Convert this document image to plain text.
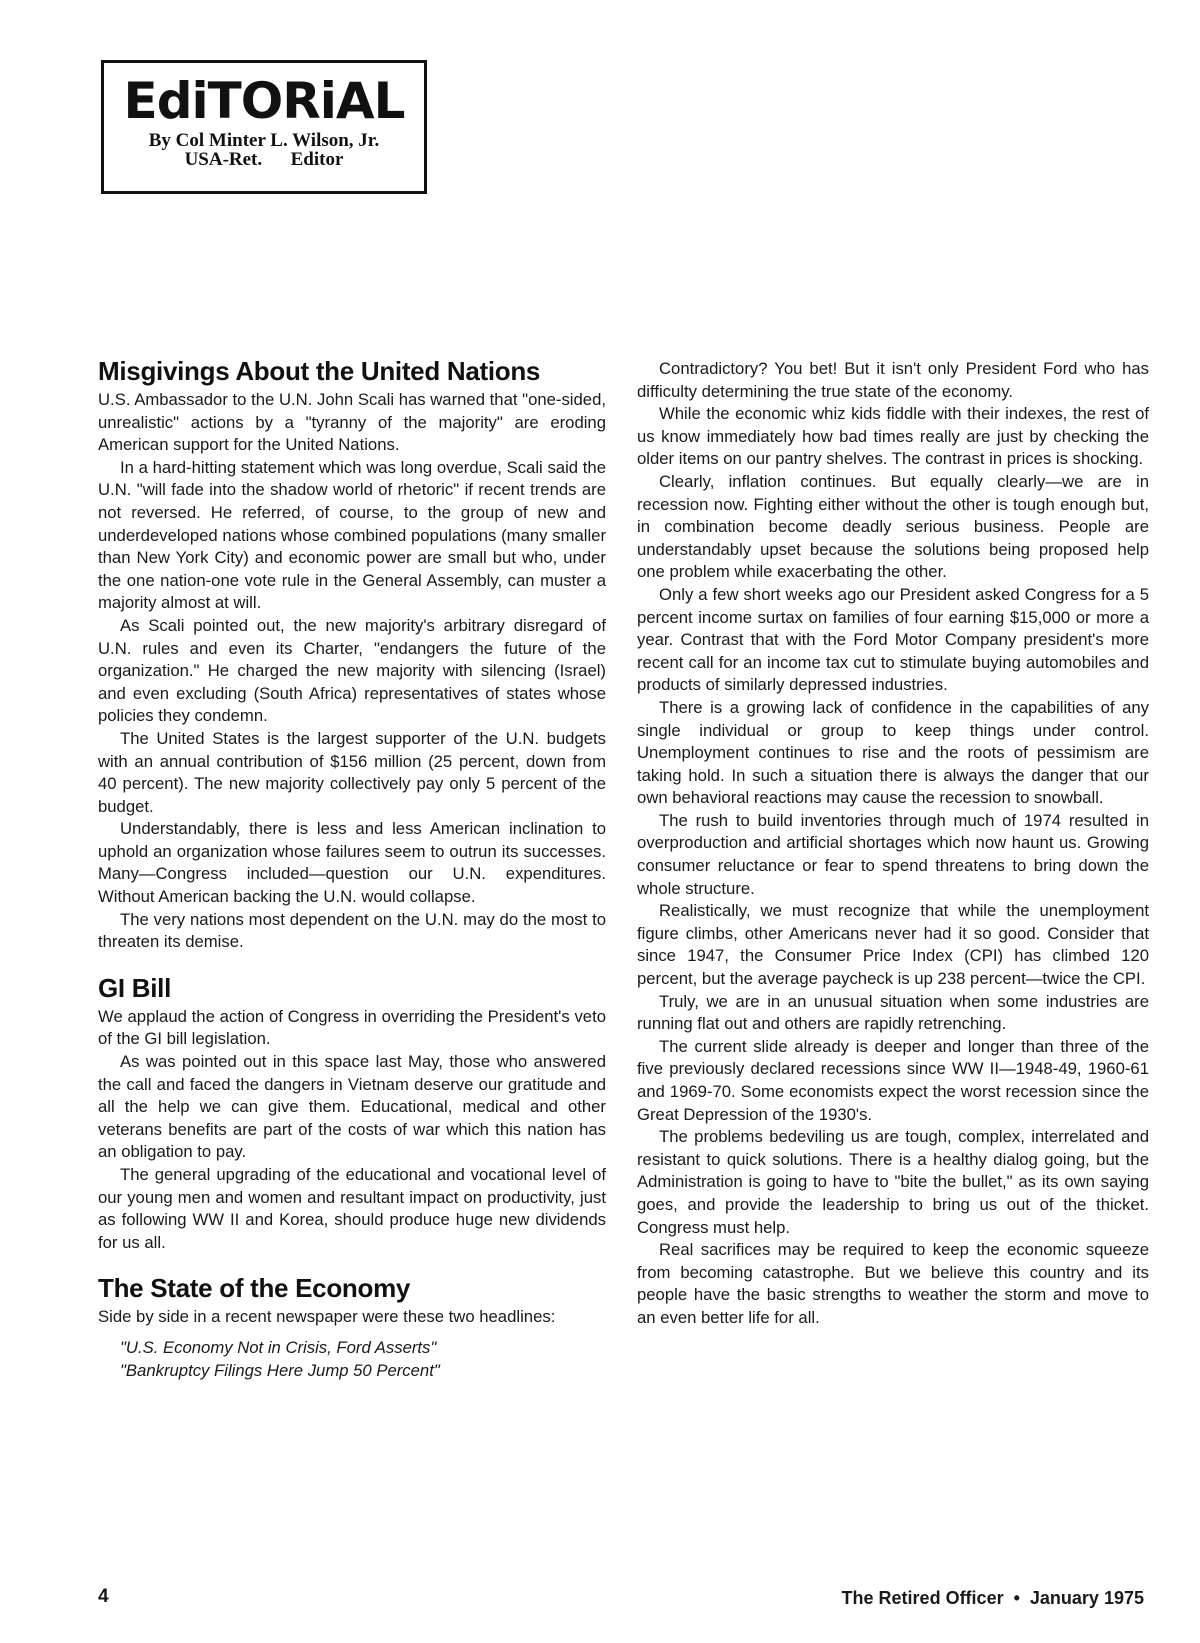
EdiTORiAL
By Col Minter L. Wilson, Jr.
USA-Ret.      Editor
Misgivings About the United Nations

U.S. Ambassador to the U.N. John Scali has warned that "one-sided, unrealistic" actions by a "tyranny of the majority" are eroding American support for the United Nations.

In a hard-hitting statement which was long overdue, Scali said the U.N. "will fade into the shadow world of rhetoric" if recent trends are not reversed. He referred, of course, to the group of new and underdeveloped nations whose combined populations (many smaller than New York City) and economic power are small but who, under the one nation-one vote rule in the General Assembly, can muster a majority almost at will.

As Scali pointed out, the new majority's arbitrary disregard of U.N. rules and even its Charter, "endangers the future of the organization." He charged the new majority with silencing (Israel) and even excluding (South Africa) representatives of states whose policies they condemn.

The United States is the largest supporter of the U.N. budgets with an annual contribution of $156 million (25 percent, down from 40 percent). The new majority collectively pay only 5 percent of the budget.

Understandably, there is less and less American inclination to uphold an organization whose failures seem to outrun its successes. Many—Congress included—question our U.N. expenditures. Without American backing the U.N. would collapse.

The very nations most dependent on the U.N. may do the most to threaten its demise.

GI Bill

We applaud the action of Congress in overriding the President's veto of the GI bill legislation.

As was pointed out in this space last May, those who answered the call and faced the dangers in Vietnam deserve our gratitude and all the help we can give them. Educational, medical and other veterans benefits are part of the costs of war which this nation has an obligation to pay.

The general upgrading of the educational and vocational level of our young men and women and resultant impact on productivity, just as following WW II and Korea, should produce huge new dividends for us all.

The State of the Economy

Side by side in a recent newspaper were these two headlines:

"U.S. Economy Not in Crisis, Ford Asserts"

"Bankruptcy Filings Here Jump 50 Percent"

Contradictory? You bet! But it isn't only President Ford who has difficulty determining the true state of the economy.

While the economic whiz kids fiddle with their indexes, the rest of us know immediately how bad times really are just by checking the older items on our pantry shelves. The contrast in prices is shocking.

Clearly, inflation continues. But equally clearly—we are in recession now. Fighting either without the other is tough enough but, in combination become deadly serious business. People are understandably upset because the solutions being proposed help one problem while exacerbating the other.

Only a few short weeks ago our President asked Congress for a 5 percent income surtax on families of four earning $15,000 or more a year. Contrast that with the Ford Motor Company president's more recent call for an income tax cut to stimulate buying automobiles and products of similarly depressed industries.

There is a growing lack of confidence in the capabilities of any single individual or group to keep things under control. Unemployment continues to rise and the roots of pessimism are taking hold. In such a situation there is always the danger that our own behavioral reactions may cause the recession to snowball.

The rush to build inventories through much of 1974 resulted in overproduction and artificial shortages which now haunt us. Growing consumer reluctance or fear to spend threatens to bring down the whole structure.

Realistically, we must recognize that while the unemployment figure climbs, other Americans never had it so good. Consider that since 1947, the Consumer Price Index (CPI) has climbed 120 percent, but the average paycheck is up 238 percent—twice the CPI.

Truly, we are in an unusual situation when some industries are running flat out and others are rapidly retrenching.

The current slide already is deeper and longer than three of the five previously declared recessions since WW II—1948-49, 1960-61 and 1969-70. Some economists expect the worst recession since the Great Depression of the 1930's.

The problems bedeviling us are tough, complex, interrelated and resistant to quick solutions. There is a healthy dialog going, but the Administration is going to have to "bite the bullet," as its own saying goes, and provide the leadership to bring us out of the thicket. Congress must help.

Real sacrifices may be required to keep the economic squeeze from becoming catastrophe. But we believe this country and its people have the basic strengths to weather the storm and move to an even better life for all.

4	The Retired Officer • January 1975
